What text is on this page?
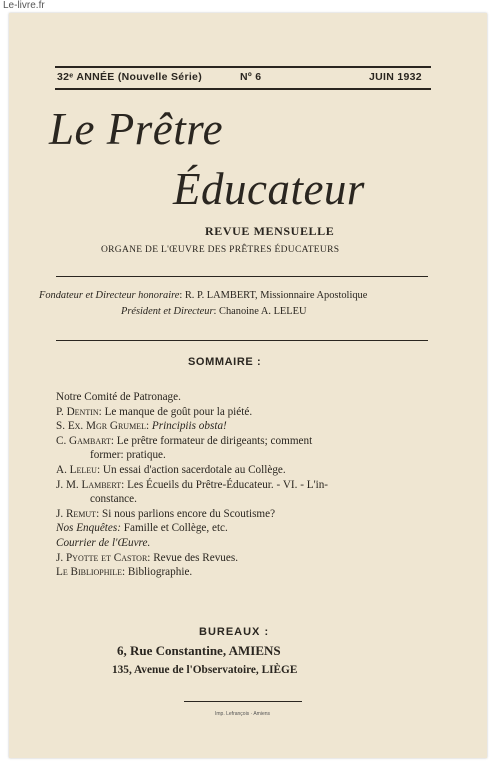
Le-livre.fr
32ᵉ ANNÉE (Nouvelle Série)	Nº 6	JUIN 1932
Le Prêtre
Éducateur
REVUE MENSUELLE
ORGANE DE L'ŒUVRE DES PRÊTRES ÉDUCATEURS
Fondateur et Directeur honoraire: R. P. LAMBERT, Missionnaire Apostolique
Président et Directeur: Chanoine A. LELEU
SOMMAIRE :
Notre Comité de Patronage.
P. Dentin: Le manque de goût pour la piété.
S. Ex. Mgr Grumel: Principiis obsta!
C. Gambart: Le prêtre formateur de dirigeants; comment
former: pratique.
A. Leleu: Un essai d'action sacerdotale au Collège.
J. M. Lambert: Les Écueils du Prêtre-Éducateur. - VI. - L'in-
constance.
J. Remut: Si nous parlions encore du Scoutisme?
Nos Enquêtes: Famille et Collège, etc.
Courrier de l'Œuvre.
J. Pyotte et Castor: Revue des Revues.
Le Bibliophile: Bibliographie.
BUREAUX :
6, Rue Constantine, AMIENS
135, Avenue de l'Observatoire, LIÈGE
Imp. Lefrançois · Amiens
